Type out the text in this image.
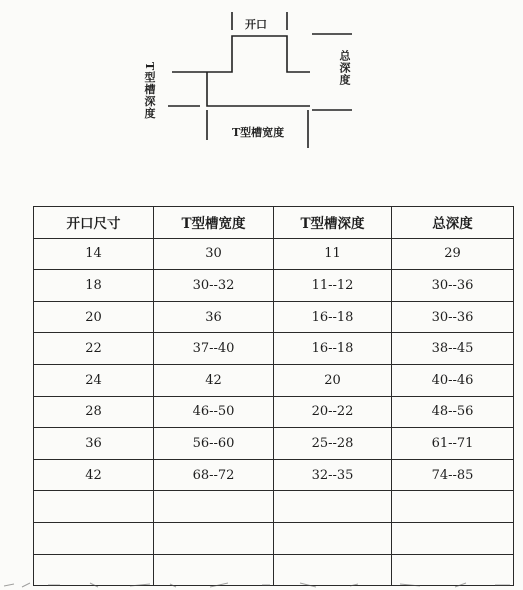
开口
T型槽深度	总深度
T型槽宽度
开口尺寸	T型槽宽度	T型槽深度	总深度
14	30	11	29
18	30--32	11--12	30--36
20	36	16--18	30--36
22	37--40	16--18	38--45
24	42	20	40--46
28	46--50	20--22	48--56
36	56--60	25--28	61--71
42	68--72	32--35	74--85
